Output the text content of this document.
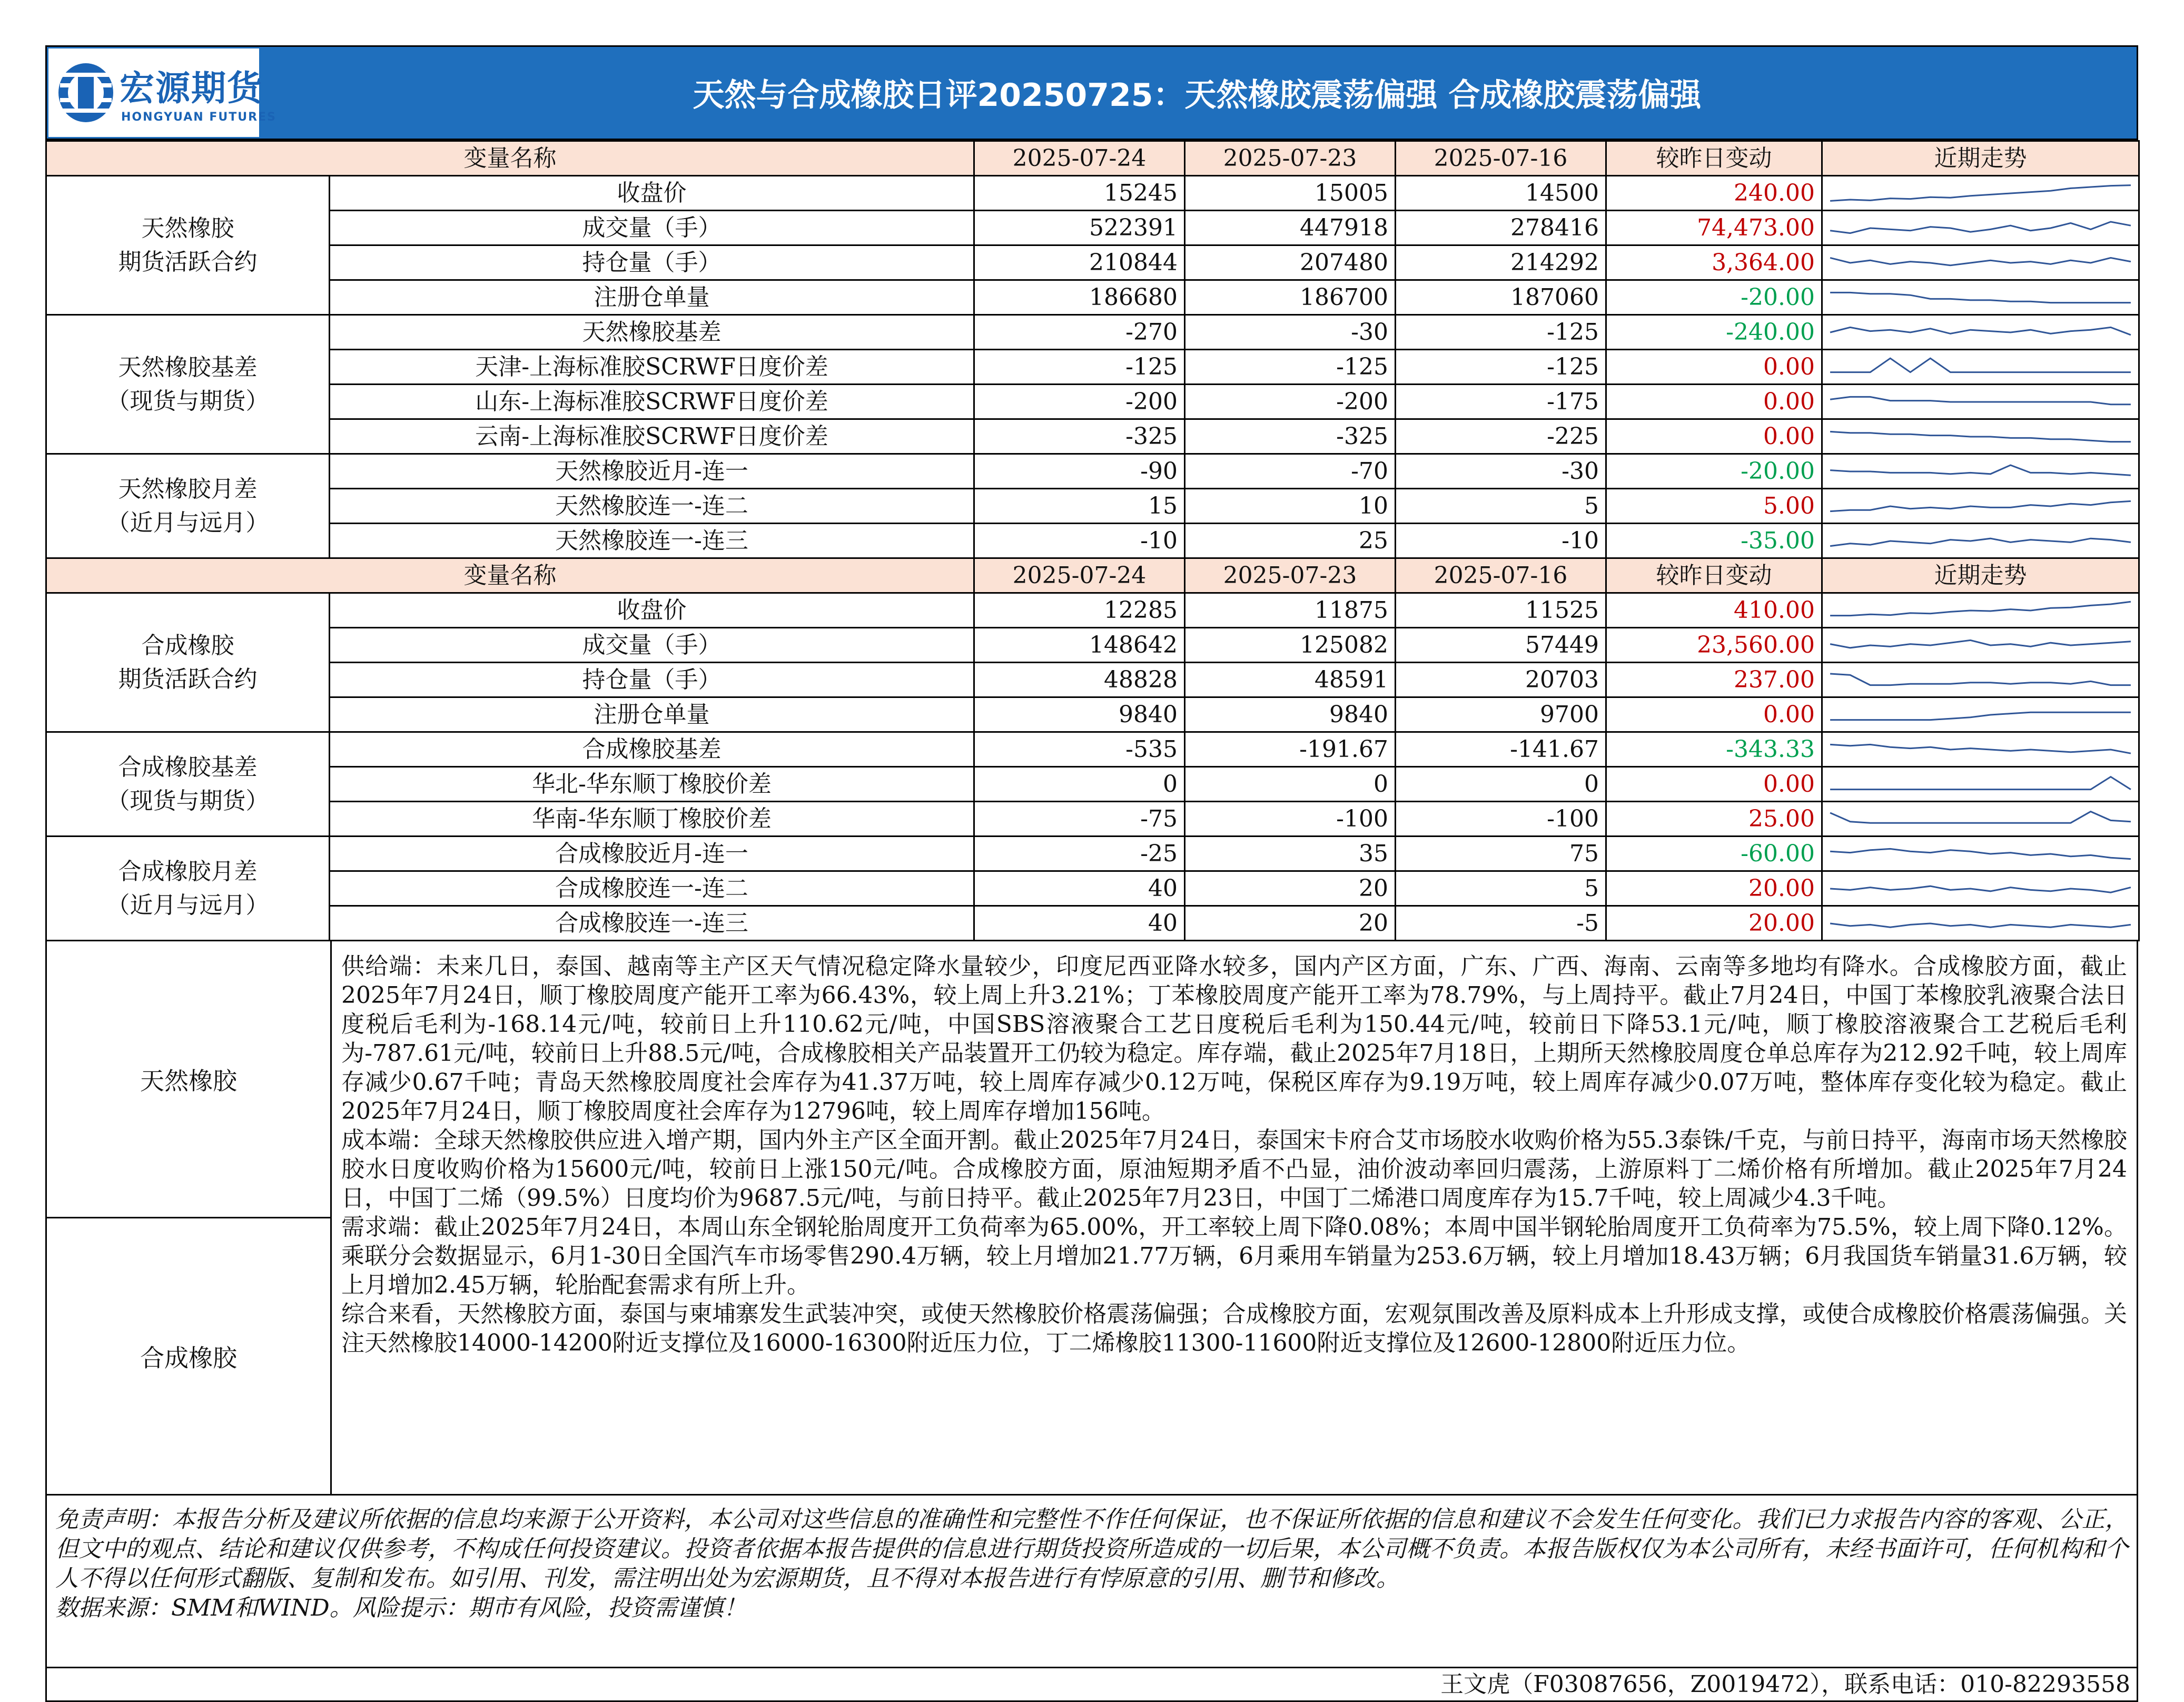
宏源期货
HONGYUAN FUTURES
天然与合成橡胶日评20250725：天然橡胶震荡偏强 合成橡胶震荡偏强
变量名称		2025-07-24	2025-07-23	2025-07-16	较昨日变动	近期走势

天然橡胶
期货活跃合约	收盘价	15245	15005	14500	240.00	

	成交量（手）	522391	447918	278416	74,473.00	

	持仓量（手）	210844	207480	214292	3,364.00	

	注册仓单量	186680	186700	187060	-20.00	

天然橡胶基差
（现货与期货）	天然橡胶基差	-270	-30	-125	-240.00	

	天津-上海标准胶SCRWF日度价差	-125	-125	-125	0.00	

	山东-上海标准胶SCRWF日度价差	-200	-200	-175	0.00	

	云南-上海标准胶SCRWF日度价差	-325	-325	-225	0.00	

天然橡胶月差
（近月与远月）	天然橡胶近月-连一	-90	-70	-30	-20.00	

	天然橡胶连一-连二	15	10	5	5.00	

	天然橡胶连一-连三	-10	25	-10	-35.00	

变量名称		2025-07-24	2025-07-23	2025-07-16	较昨日变动	近期走势

合成橡胶
期货活跃合约	收盘价	12285	11875	11525	410.00	

	成交量（手）	148642	125082	57449	23,560.00	

	持仓量（手）	48828	48591	20703	237.00	

	注册仓单量	9840	9840	9700	0.00	

合成橡胶基差
（现货与期货）	合成橡胶基差	-535	-191.67	-141.67	-343.33	

	华北-华东顺丁橡胶价差	0	0	0	0.00	

	华南-华东顺丁橡胶价差	-75	-100	-100	25.00	

合成橡胶月差
（近月与远月）	合成橡胶近月-连一	-25	35	75	-60.00	

	合成橡胶连一-连二	40	20	5	20.00	

	合成橡胶连一-连三	40	20	-5	20.00	
天然橡胶
合成橡胶

供给端：未来几日，泰国、越南等主产区天气情况稳定降水量较少，印度尼西亚降水较多，国内产区方面，广东、广西、海南、云南等多地均有降水。合成橡胶方面，截止2025年7月24日，顺丁橡胶周度产能开工率为66.43%，较上周上升3.21%；丁苯橡胶周度产能开工率为78.79%，与上周持平。截止7月24日，中国丁苯橡胶乳液聚合法日度税后毛利为-168.14元/吨，较前日上升110.62元/吨，中国SBS溶液聚合工艺日度税后毛利为150.44元/吨，较前日下降53.1元/吨，顺丁橡胶溶液聚合工艺税后毛利为-787.61元/吨，较前日上升88.5元/吨，合成橡胶相关产品装置开工仍较为稳定。库存端，截止2025年7月18日，上期所天然橡胶周度仓单总库存为212.92千吨，较上周库存减少0.67千吨；青岛天然橡胶周度社会库存为41.37万吨，较上周库存减少0.12万吨，保税区库存为9.19万吨，较上周库存减少0.07万吨，整体库存变化较为稳定。截止2025年7月24日，顺丁橡胶周度社会库存为12796吨，较上周库存增加156吨。

成本端：全球天然橡胶供应进入增产期，国内外主产区全面开割。截止2025年7月24日，泰国宋卡府合艾市场胶水收购价格为55.3泰铢/千克，与前日持平，海南市场天然橡胶胶水日度收购价格为15600元/吨，较前日上涨150元/吨。合成橡胶方面，原油短期矛盾不凸显，油价波动率回归震荡，上游原料丁二烯价格有所增加。截止2025年7月24日，中国丁二烯（99.5%）日度均价为9687.5元/吨，与前日持平。截止2025年7月23日，中国丁二烯港口周度库存为15.7千吨，较上周减少4.3千吨。

需求端：截止2025年7月24日，本周山东全钢轮胎周度开工负荷率为65.00%，开工率较上周下降0.08%；本周中国半钢轮胎周度开工负荷率为75.5%，较上周下降0.12%。乘联分会数据显示，6月1-30日全国汽车市场零售290.4万辆，较上月增加21.77万辆，6月乘用车销量为253.6万辆，较上月增加18.43万辆；6月我国货车销量31.6万辆，较上月增加2.45万辆，轮胎配套需求有所上升。

综合来看，天然橡胶方面，泰国与柬埔寨发生武装冲突，或使天然橡胶价格震荡偏强；合成橡胶方面，宏观氛围改善及原料成本上升形成支撑，或使合成橡胶价格震荡偏强。关注天然橡胶14000-14200附近支撑位及16000-16300附近压力位，丁二烯橡胶11300-11600附近支撑位及12600-12800附近压力位。

免责声明：本报告分析及建议所依据的信息均来源于公开资料，本公司对这些信息的准确性和完整性不作任何保证，也不保证所依据的信息和建议不会发生任何变化。我们已力求报告内容的客观、公正，但文中的观点、结论和建议仅供参考，不构成任何投资建议。投资者依据本报告提供的信息进行期货投资所造成的一切后果，本公司概不负责。本报告版权仅为本公司所有，未经书面许可，任何机构和个人不得以任何形式翻版、复制和发布。如引用、刊发，需注明出处为宏源期货，且不得对本报告进行有悖原意的引用、删节和修改。

数据来源：SMM和WIND。风险提示：期市有风险，投资需谨慎！

王文虎（F03087656，Z0019472），联系电话：010-82293558
